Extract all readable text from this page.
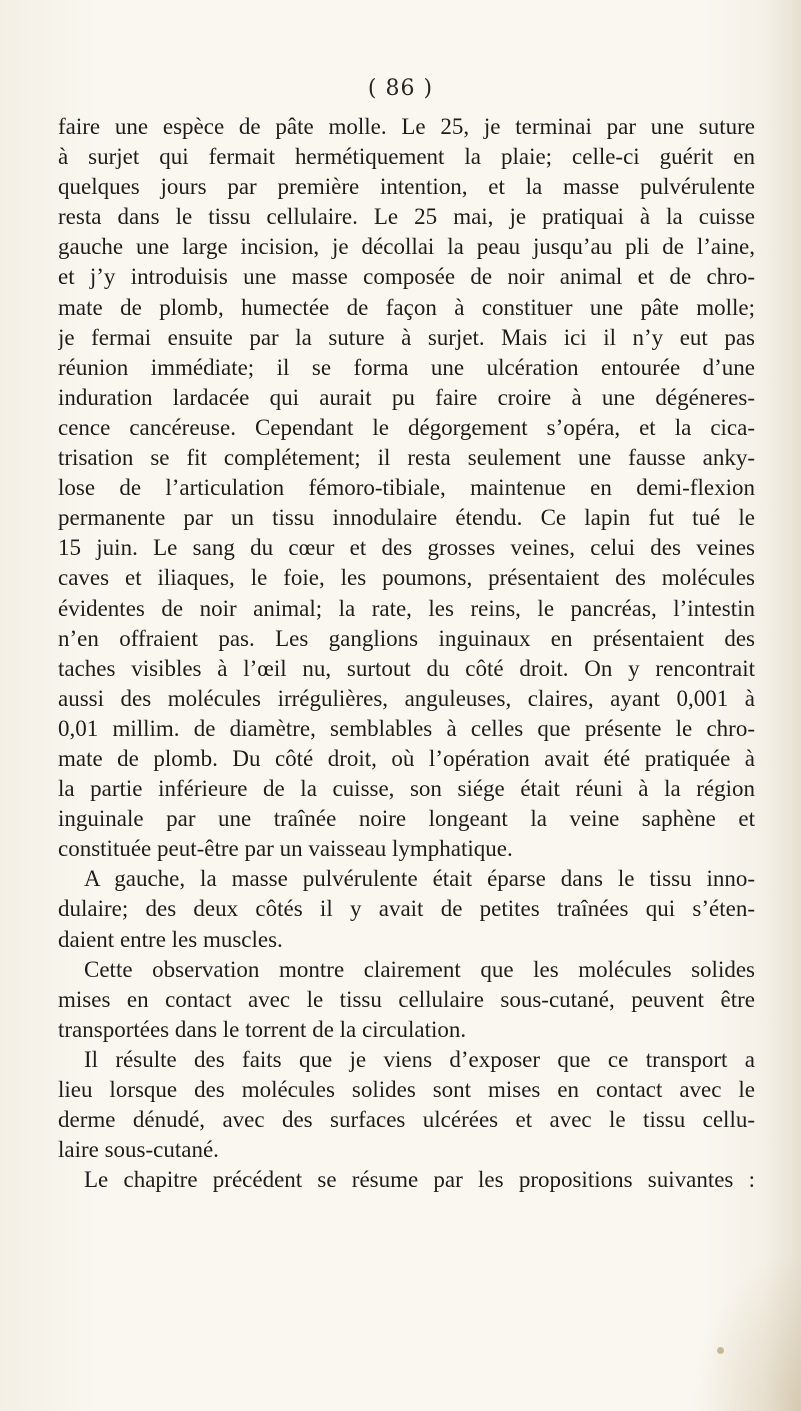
( 86 )
faire une espèce de pâte molle. Le 25, je terminai par une suture
à surjet qui fermait hermétiquement la plaie; celle-ci guérit en
quelques jours par première intention, et la masse pulvérulente
resta dans le tissu cellulaire. Le 25 mai, je pratiquai à la cuisse
gauche une large incision, je décollai la peau jusqu’au pli de l’aine,
et j’y introduisis une masse composée de noir animal et de chro-
mate de plomb, humectée de façon à constituer une pâte molle;
je fermai ensuite par la suture à surjet. Mais ici il n’y eut pas
réunion immédiate; il se forma une ulcération entourée d’une
induration lardacée qui aurait pu faire croire à une dégéneres-
cence cancéreuse. Cependant le dégorgement s’opéra, et la cica-
trisation se fit complétement; il resta seulement une fausse anky-
lose de l’articulation fémoro-tibiale, maintenue en demi-flexion
permanente par un tissu innodulaire étendu. Ce lapin fut tué le
15 juin. Le sang du cœur et des grosses veines, celui des veines
caves et iliaques, le foie, les poumons, présentaient des molécules
évidentes de noir animal; la rate, les reins, le pancréas, l’intestin
n’en offraient pas. Les ganglions inguinaux en présentaient des
taches visibles à l’œil nu, surtout du côté droit. On y rencontrait
aussi des molécules irrégulières, anguleuses, claires, ayant 0,001 à
0,01 millim. de diamètre, semblables à celles que présente le chro-
mate de plomb. Du côté droit, où l’opération avait été pratiquée à
la partie inférieure de la cuisse, son siége était réuni à la région
inguinale par une traînée noire longeant la veine saphène et
constituée peut-être par un vaisseau lymphatique.
A gauche, la masse pulvérulente était éparse dans le tissu inno-
dulaire; des deux côtés il y avait de petites traînées qui s’éten-
daient entre les muscles.
Cette observation montre clairement que les molécules solides
mises en contact avec le tissu cellulaire sous-cutané, peuvent être
transportées dans le torrent de la circulation.
Il résulte des faits que je viens d’exposer que ce transport a
lieu lorsque des molécules solides sont mises en contact avec le
derme dénudé, avec des surfaces ulcérées et avec le tissu cellu-
laire sous-cutané.
Le chapitre précédent se résume par les propositions suivantes :
